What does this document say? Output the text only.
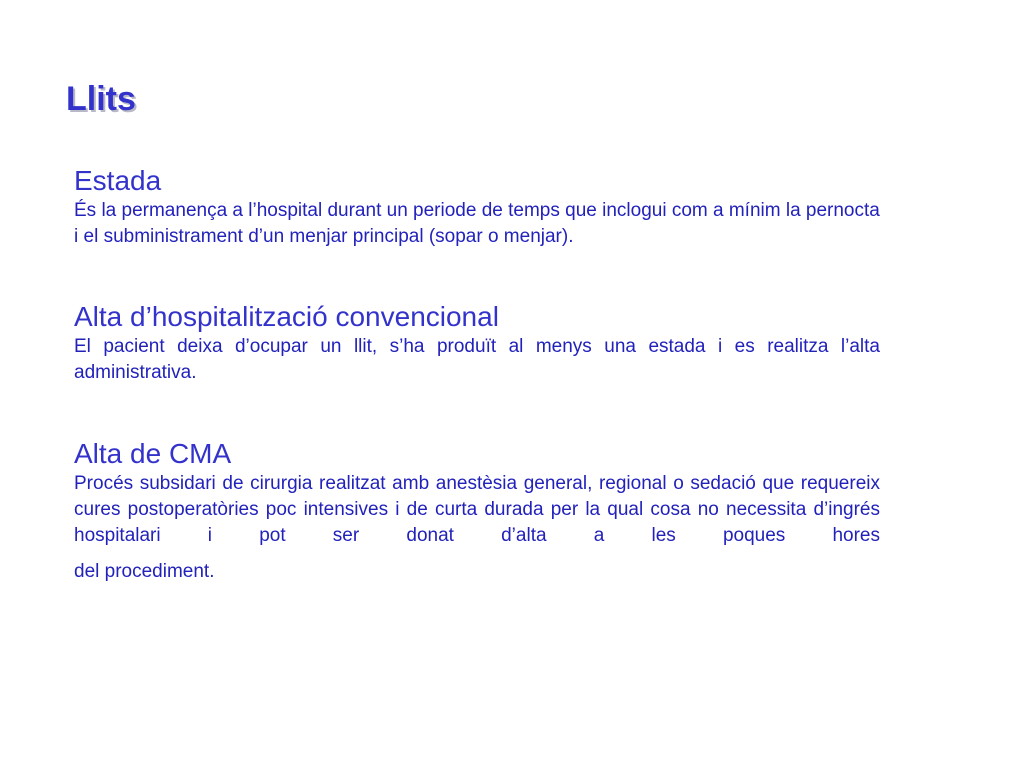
Llits
Estada

És la permanença a l’hospital durant un periode de temps que inclogui com a mínim la pernocta i el subministrament d’un menjar principal (sopar o menjar).

Alta d’hospitalització convencional

El pacient deixa d’ocupar un llit, s’ha produït al menys una estada i es realitza l’alta administrativa.

Alta de CMA
Procés subsidari de cirurgia realitzat amb anestèsia general, regional o sedació que requereix cures postoperatòries poc intensives i de curta durada per la qual cosa no necessita d’ingrés hospitalari i pot ser donat d’alta a les poques hores
del procediment.
